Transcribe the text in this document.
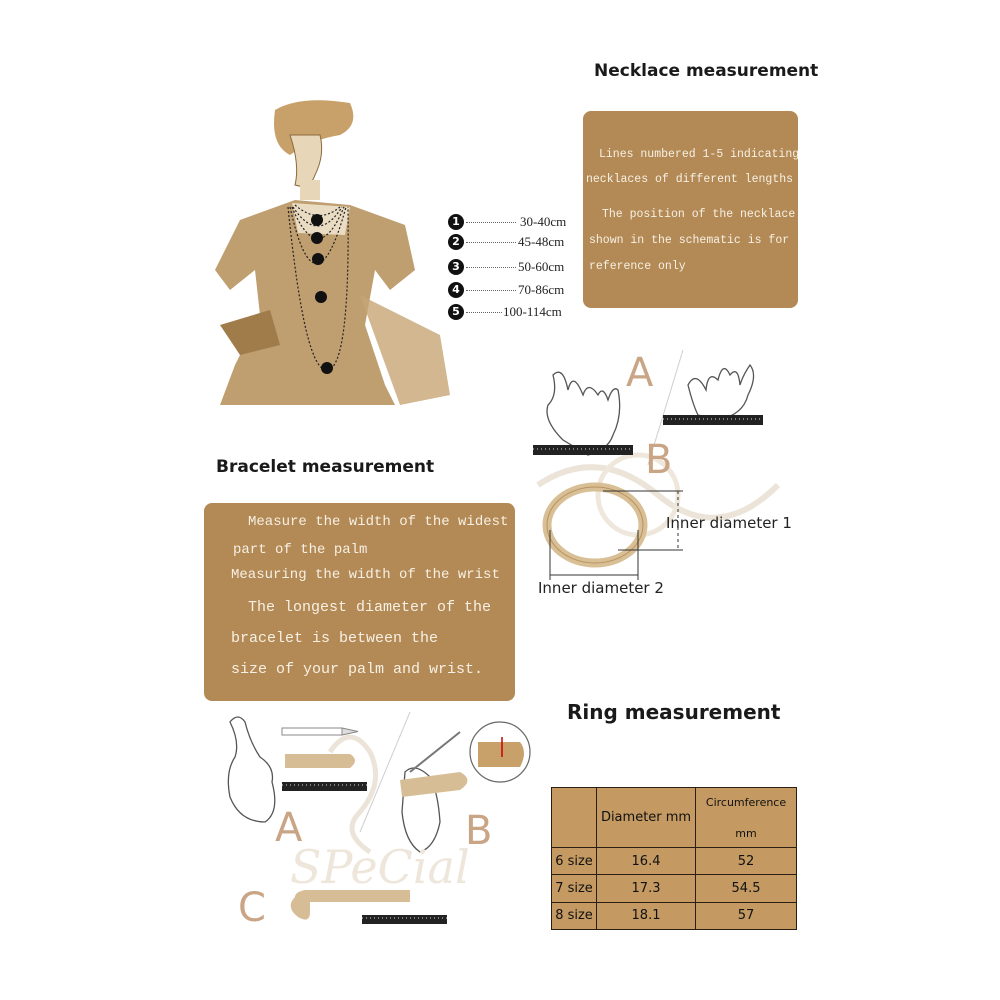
Necklace measurement
1	30-40cm
2	45-48cm
3	50-60cm
4	70-86cm
5	100-114cm

Lines numbered 1-5 indicating

necklaces of different lengths

The position of the necklace

shown in the schematic is for

reference only

A
B
Inner diameter 1
Inner diameter 2
Bracelet measurement

Measure the width of the widest

part of the palm

Measuring the width of the wrist

The longest diameter of the

bracelet is between the

size of your palm and wrist.

Ring measurement
A	B
C
SPeCial
	Diameter mm	Circumference
mm

6 size	16.4	52
7 size	17.3	54.5
8 size	18.1	57
